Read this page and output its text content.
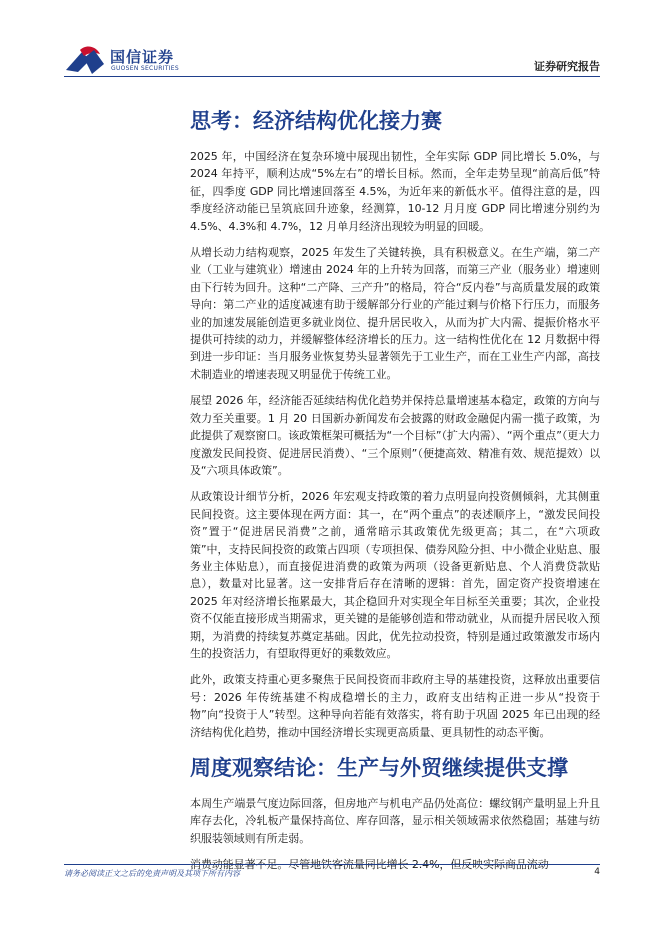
国信证券
GUOSEN SECURITIES	证券研究报告
思考：经济结构优化接力赛

2025 年，中国经济在复杂环境中展现出韧性，全年实际 GDP 同比增长 5.0%，与 2024 年持平，顺利达成“5%左右”的增长目标。然而，全年走势呈现“前高后低”特征，四季度 GDP 同比增速回落至 4.5%，为近年来的新低水平。值得注意的是，四季度经济动能已呈筑底回升迹象，经测算，10-12 月月度 GDP 同比增速分别约为 4.5%、4.3%和 4.7%，12 月单月经济出现较为明显的回暖。

从增长动力结构观察，2025 年发生了关键转换，具有积极意义。在生产端，第二产业（工业与建筑业）增速由 2024 年的上升转为回落，而第三产业（服务业）增速则由下行转为回升。这种“二产降、三产升”的格局，符合“反内卷”与高质量发展的政策导向：第二产业的适度减速有助于缓解部分行业的产能过剩与价格下行压力，而服务业的加速发展能创造更多就业岗位、提升居民收入，从而为扩大内需、提振价格水平提供可持续的动力，并缓解整体经济增长的压力。这一结构性优化在 12 月数据中得到进一步印证：当月服务业恢复势头显著领先于工业生产，而在工业生产内部，高技术制造业的增速表现又明显优于传统工业。

展望 2026 年，经济能否延续结构优化趋势并保持总量增速基本稳定，政策的方向与效力至关重要。1 月 20 日国新办新闻发布会披露的财政金融促内需一揽子政策，为此提供了观察窗口。该政策框架可概括为“一个目标”（扩大内需）、“两个重点”（更大力度激发民间投资、促进居民消费）、“三个原则”（便捷高效、精准有效、规范提效）以及“六项具体政策”。

从政策设计细节分析，2026 年宏观支持政策的着力点明显向投资侧倾斜，尤其侧重民间投资。这主要体现在两方面：其一，在“两个重点”的表述顺序上，“激发民间投资”置于“促进居民消费”之前，通常暗示其政策优先级更高；其二，在“六项政策”中，支持民间投资的政策占四项（专项担保、债券风险分担、中小微企业贴息、服务业主体贴息），而直接促进消费的政策为两项（设备更新贴息、个人消费贷款贴息），数量对比显著。这一安排背后存在清晰的逻辑：首先，固定资产投资增速在 2025 年对经济增长拖累最大，其企稳回升对实现全年目标至关重要；其次，企业投资不仅能直接形成当期需求，更关键的是能够创造和带动就业，从而提升居民收入预期，为消费的持续复苏奠定基础。因此，优先拉动投资，特别是通过政策激发市场内生的投资活力，有望取得更好的乘数效应。

此外，政策支持重心更多聚焦于民间投资而非政府主导的基建投资，这释放出重要信号：2026 年传统基建不构成稳增长的主力，政府支出结构正进一步从“投资于物”向“投资于人”转型。这种导向若能有效落实，将有助于巩固 2025 年已出现的经济结构优化趋势，推动中国经济增长实现更高质量、更具韧性的动态平衡。

周度观察结论：生产与外贸继续提供支撑

本周生产端景气度边际回落，但房地产与机电产品仍处高位：螺纹钢产量明显上升且库存去化，冷轧板产量保持高位、库存回落，显示相关领域需求依然稳固；基建与纺织服装领域则有所走弱。

请务必阅读正文之后的免责声明及其项下所有内容	4
